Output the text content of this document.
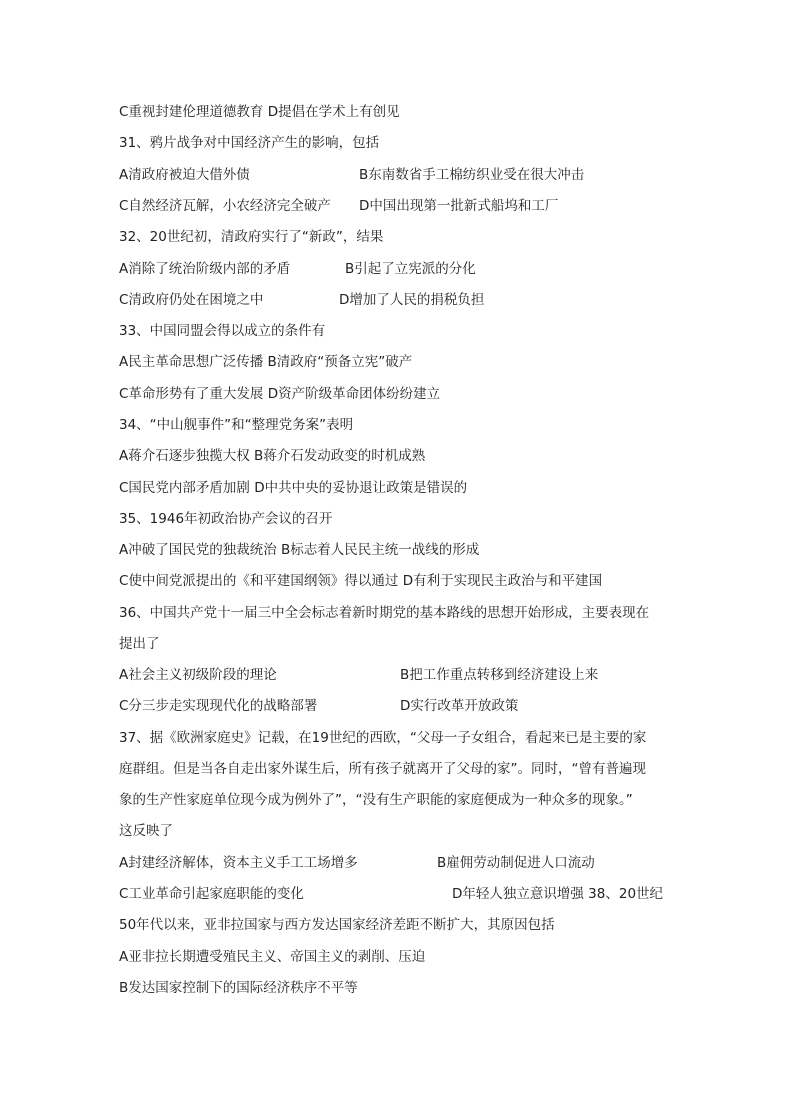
C重视封建伦理道德教育 D提倡在学术上有创见
31、鸦片战争对中国经济产生的影响，包括
A清政府被迫大借外债	B东南数省手工棉纺织业受在很大冲击
C自然经济瓦解，小农经济完全破产 D中国出现第一批新式船坞和工厂
32、20世纪初，清政府实行了“新政”，结果
A消除了统治阶级内部的矛盾	B引起了立宪派的分化
C清政府仍处在困境之中	D增加了人民的捐税负担
33、中国同盟会得以成立的条件有
A民主革命思想广泛传播 B清政府“预备立宪”破产
C革命形势有了重大发展 D资产阶级革命团体纷纷建立
34、“中山舰事件”和“整理党务案”表明
A蒋介石逐步独揽大权 B蒋介石发动政变的时机成熟
C国民党内部矛盾加剧 D中共中央的妥协退让政策是错误的
35、1946年初政治协产会议的召开
A冲破了国民党的独裁统治 B标志着人民民主统一战线的形成
C使中间党派提出的《和平建国纲领》得以通过 D有利于实现民主政治与和平建国
36、中国共产党十一届三中全会标志着新时期党的基本路线的思想开始形成，主要表现在
提出了
A社会主义初级阶段的理论	B把工作重点转移到经济建设上来
C分三步走实现现代化的战略部署	D实行改革开放政策
37、据《欧洲家庭史》记载，在19世纪的西欧，“父母一子女组合，看起来已是主要的家
庭群组。但是当各自走出家外谋生后，所有孩子就离开了父母的家”。同时，“曾有普遍现
象的生产性家庭单位现今成为例外了”，“没有生产职能的家庭便成为一种众多的现象。”
这反映了
A封建经济解体，资本主义手工工场增多	B雇佣劳动制促进人口流动
C工业革命引起家庭职能的变化	D年轻人独立意识增强 38、20世纪
50年代以来，亚非拉国家与西方发达国家经济差距不断扩大，其原因包括
A亚非拉长期遭受殖民主义、帝国主义的剥削、压迫
B发达国家控制下的国际经济秩序不平等
